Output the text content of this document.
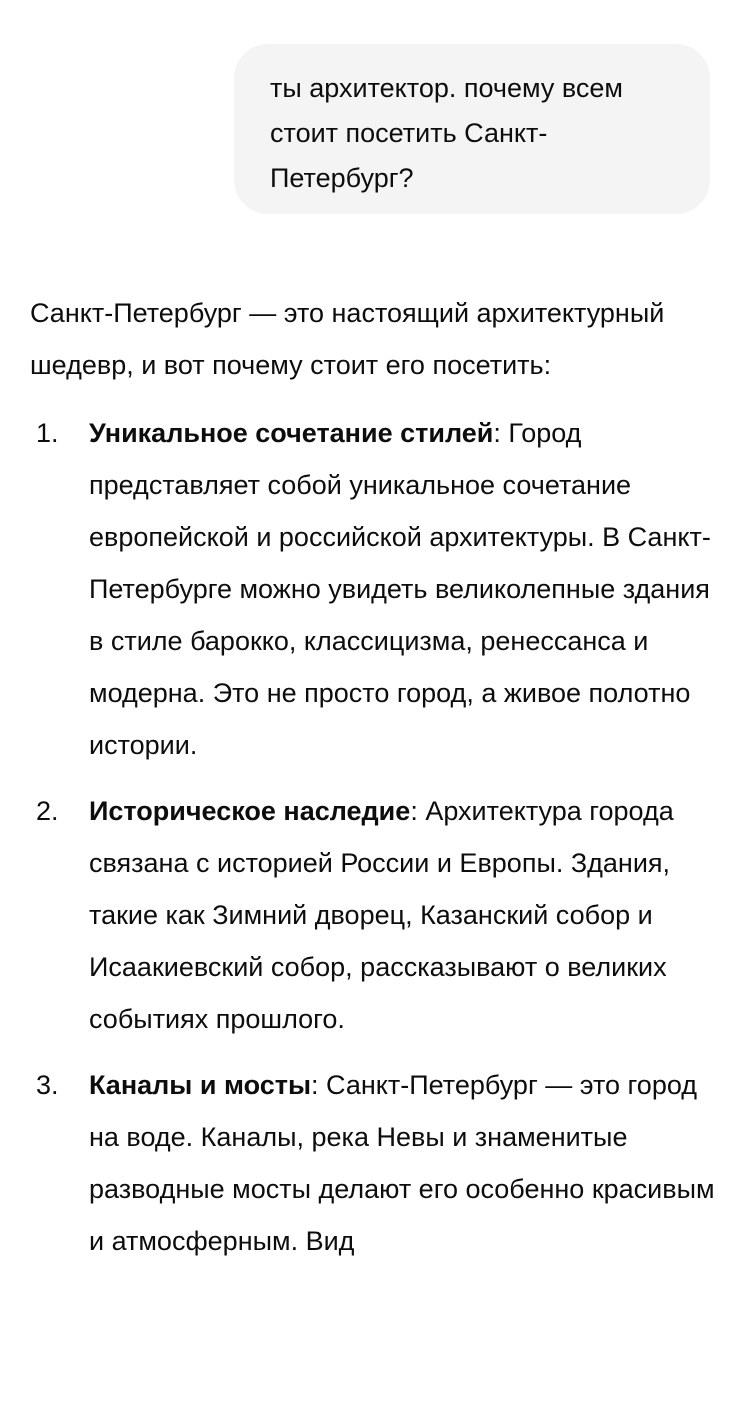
ты архитектор. почему всем стоит посетить Санкт-Петербург?

Санкт-Петербург — это настоящий архитектурный шедевр, и вот почему стоит его посетить:

1. Уникальное сочетание стилей: Город представляет собой уникальное сочетание европейской и российской архитектуры. В Санкт-Петербурге можно увидеть великолепные здания в стиле барокко, классицизма, ренессанса и модерна. Это не просто город, а живое полотно истории.
2. Историческое наследие: Архитектура города связана с историей России и Европы. Здания, такие как Зимний дворец, Казанский собор и Исаакиевский собор, рассказывают о великих событиях прошлого.
3. Каналы и мосты: Санкт-Петербург — это город на воде. Каналы, река Невы и знаменитые разводные мосты делают его особенно красивым и атмосферным. Вид
